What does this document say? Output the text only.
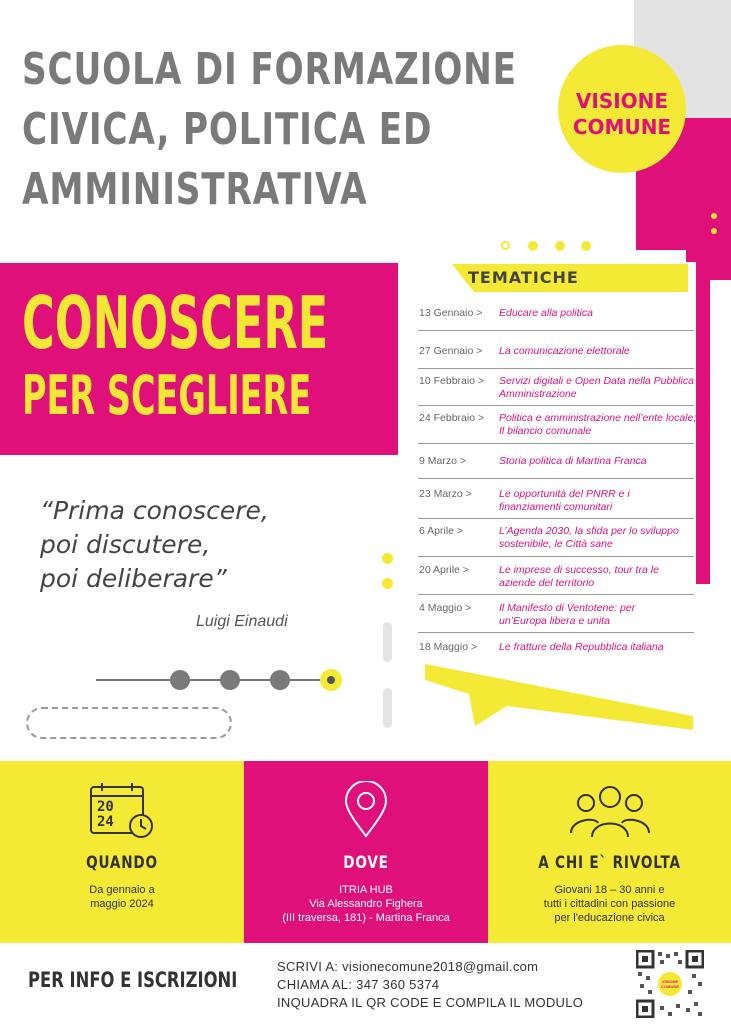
VISIONE
COMUNE
SCUOLA DI FORMAZIONE
CIVICA, POLITICA ED
AMMINISTRATIVA
CONOSCERE
PER SCEGLIERE
TEMATICHE
13 Gennaio > Educare alla politica
27 Gennaio > La comunicazione elettorale
10 Febbraio > Servizi digitali e Open Data nella Pubblica Amministrazione
24 Febbraio > Politica e amministrazione nell’ente locale; Il bilancio comunale
9 Marzo >	Storia politica di Martina Franca
23 Marzo >	Le opportunità del PNRR e i finanziamenti comunitari
6 Aprile >	L’Agenda 2030, la sfida per lo sviluppo sostenibile, le Città sane
20 Aprile >	Le imprese di successo, tour tra le aziende del territorio
4 Maggio >	Il Manifesto di Ventotene: per un’Europa libera e unita
18 Maggio > Le fratture della Repubblica italiana
“Prima conoscere,
poi discutere,
poi deliberare”
Luigi Einaudi
20
24
QUANDO
Da gennaio a
maggio 2024
DOVE
ITRIA HUB
Via Alessandro Fighera
(III traversa, 181) - Martina Franca
A CHI E` RIVOLTA
Giovani 18 – 30 anni e
tutti i cittadini con passione
per l'educazione civica
PER INFO E ISCRIZIONI
SCRIVI A: visionecomune2018@gmail.com
CHIAMA AL: 347 360 5374
INQUADRA IL QR CODE E COMPILA IL MODULO
VISIONE COMUNE
